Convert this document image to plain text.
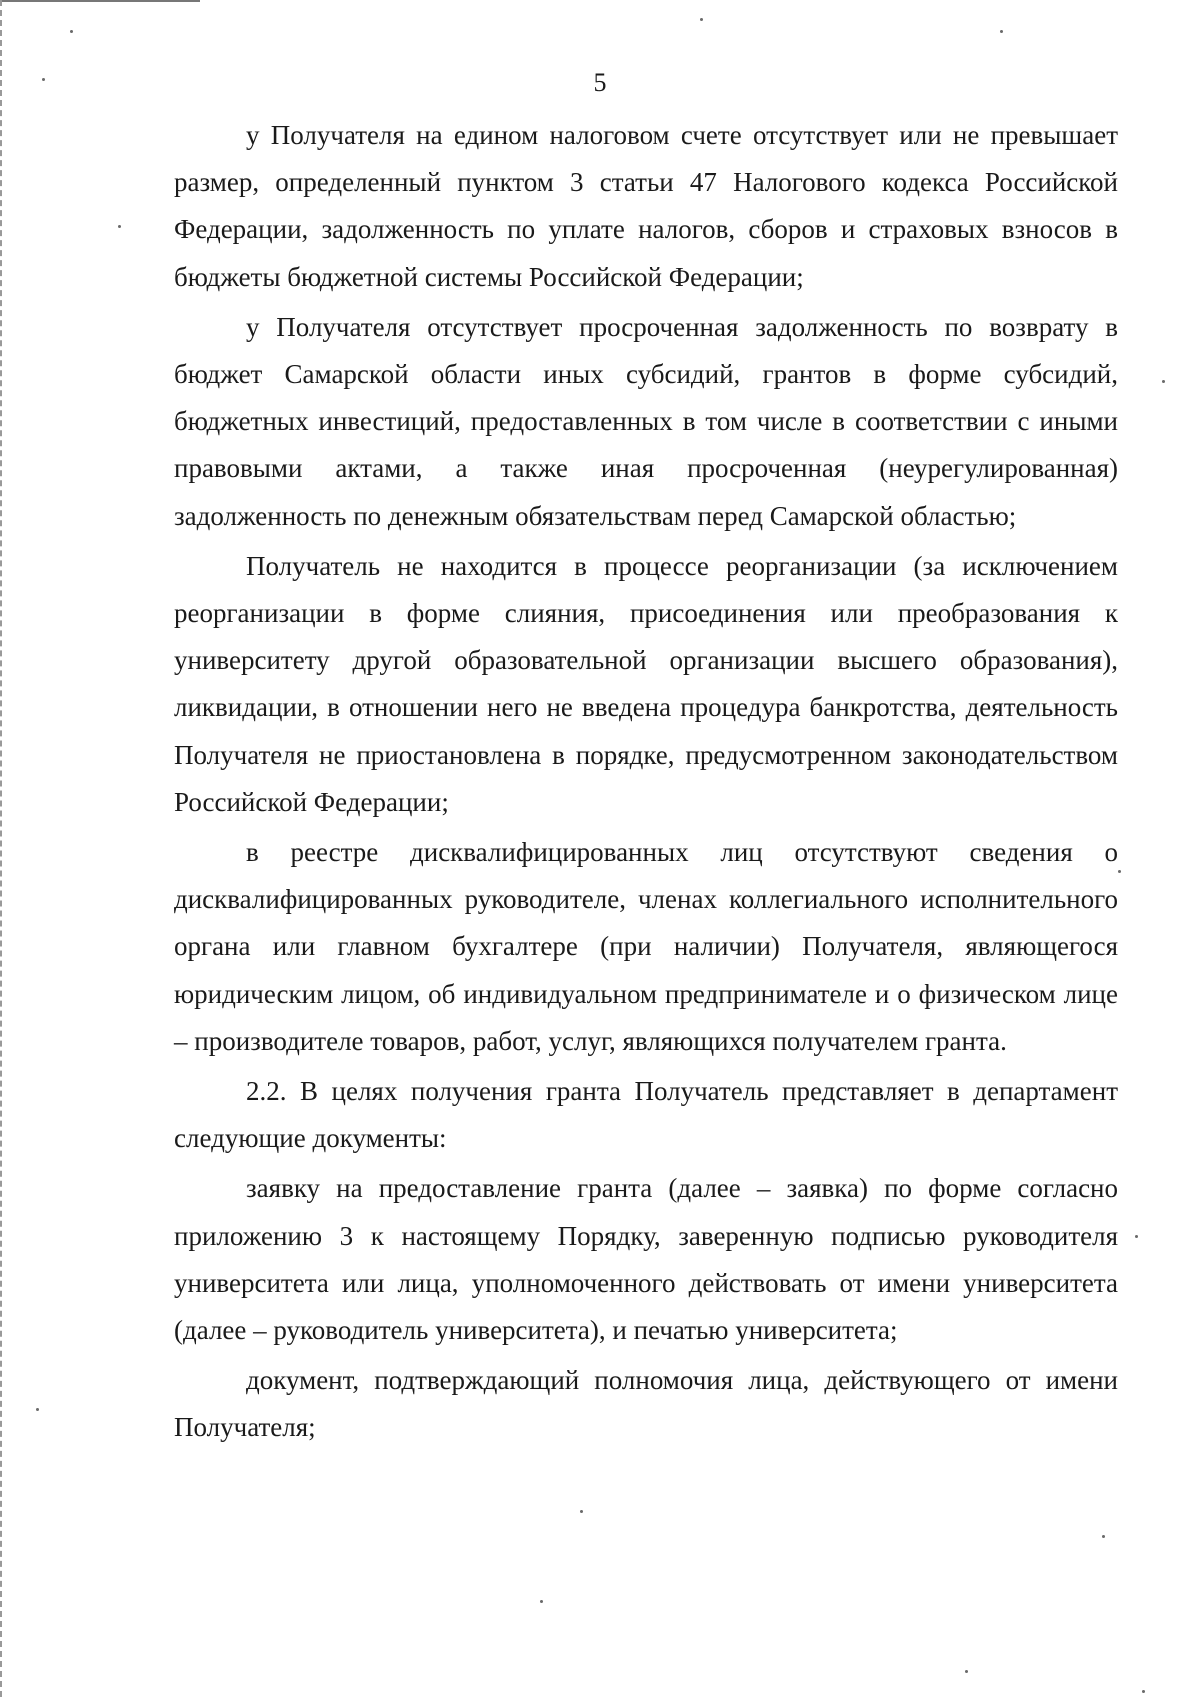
5

у Получателя на едином налоговом счете отсутствует или не превышает размер, определенный пунктом 3 статьи 47 Налогового кодекса Российской Федерации, задолженность по уплате налогов, сборов и страховых взносов в бюджеты бюджетной системы Российской Федерации;

у Получателя отсутствует просроченная задолженность по возврату в бюджет Самарской области иных субсидий, грантов в форме субсидий, бюджетных инвестиций, предоставленных в том числе в соответствии с иными правовыми актами, а также иная просроченная (неурегулированная) задолженность по денежным обязательствам перед Самарской областью;

Получатель не находится в процессе реорганизации (за исключением реорганизации в форме слияния, присоединения или преобразования к университету другой образовательной организации высшего образования), ликвидации, в отношении него не введена процедура банкротства, деятельность Получателя не приостановлена в порядке, предусмотренном законодательством Российской Федерации;

в реестре дисквалифицированных лиц отсутствуют сведения о дисквалифицированных руководителе, членах коллегиального исполнительного органа или главном бухгалтере (при наличии) Получателя, являющегося юридическим лицом, об индивидуальном предпринимателе и о физическом лице – производителе товаров, работ, услуг, являющихся получателем гранта.

2.2. В целях получения гранта Получатель представляет в департамент следующие документы:

заявку на предоставление гранта (далее – заявка) по форме согласно приложению 3 к настоящему Порядку, заверенную подписью руководителя университета или лица, уполномоченного действовать от имени университета (далее – руководитель университета), и печатью университета;

документ, подтверждающий полномочия лица, действующего от имени Получателя;
